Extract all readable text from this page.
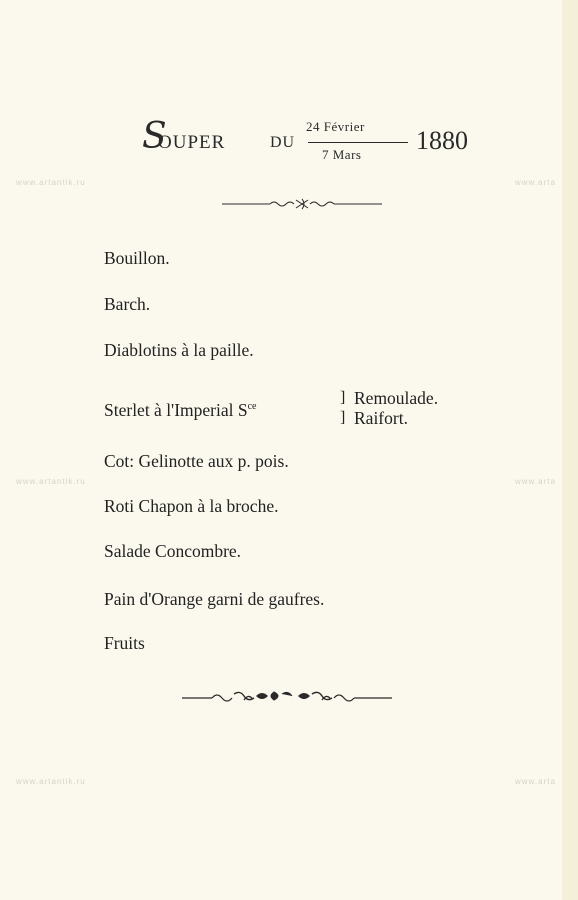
www.artantik.ru	www.arta
www.artantik.ru	www.arta
www.artantik.ru	www.arta
S
OUPER	DU
24 Février
7 Mars 1880
Bouillon.
Barch.
Diablotins à la paille.
Sterlet à l'Imperial $S^{ce}$
] Remoulade.
] Raifort.
Cot: Gelinotte aux p. pois.
Roti Chapon à la broche.
Salade Concombre.
Pain d'Orange garni de gaufres.
Fruits
